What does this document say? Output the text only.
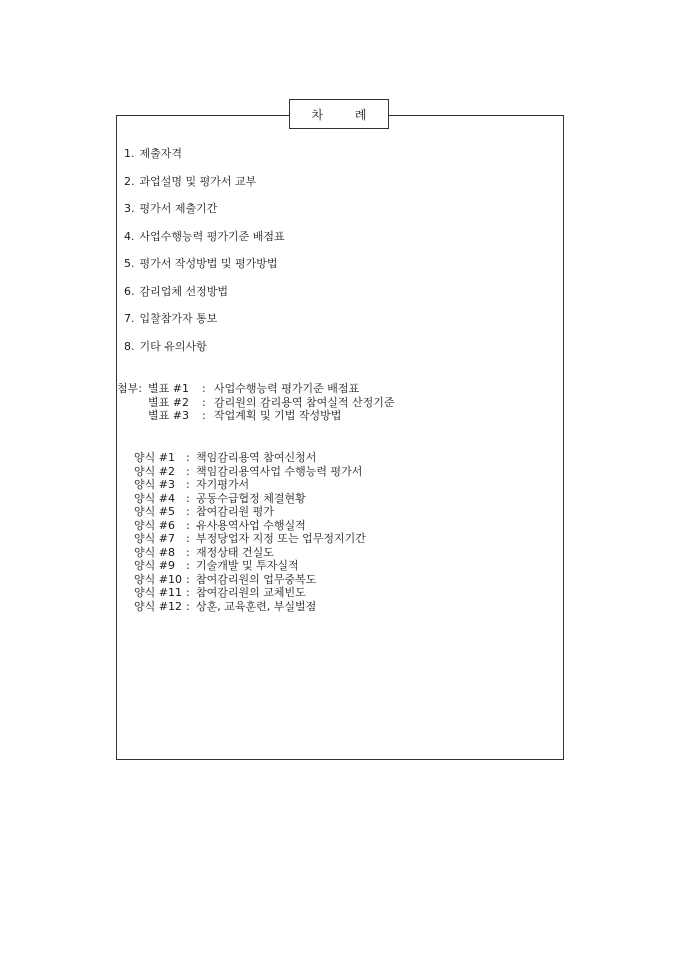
차 례
1. 제출자격
2. 과업설명 및 평가서 교부
3. 평가서 제출기간
4. 사업수행능력 평가기준 배점표
5. 평가서 작성방법 및 평가방법
6. 감리업체 선정방법
7. 입찰참가자 통보
8. 기타 유의사항
첨부: 별표 #1	: 사업수행능력 평가기준 배점표
별표 #2	: 감리원의 감리용역 참여실적 산정기준
별표 #3	: 작업계획 및 기법 작성방법
양식 #1	: 책임감리용역 참여신청서
양식 #2	: 책임감리용역사업 수행능력 평가서
양식 #3	: 자기평가서
양식 #4	: 공동수급협정 체결현황
양식 #5	: 참여감리원 평가
양식 #6	: 유사용역사업 수행실적
양식 #7	: 부정당업자 지정 또는 업무정지기간
양식 #8	: 재정상태 건실도
양식 #9	: 기술개발 및 투자실적
양식 #10 : 참여감리원의 업무중복도
양식 #11 : 참여감리원의 교체빈도
양식 #12 : 상훈, 교육훈련, 부실벌점
